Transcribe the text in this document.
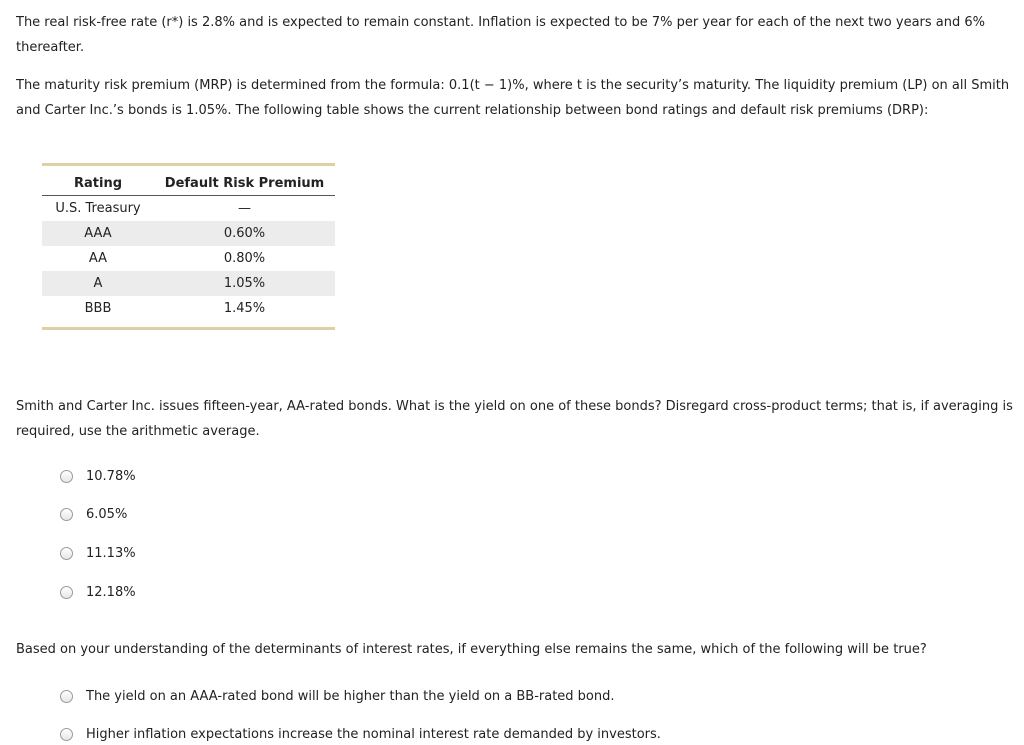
The real risk-free rate (r*) is 2.8% and is expected to remain constant. Inflation is expected to be 7% per year for each of the next two years and 6% thereafter.

The maturity risk premium (MRP) is determined from the formula: 0.1(t − 1)%, where t is the security’s maturity. The liquidity premium (LP) on all Smith and Carter Inc.’s bonds is 1.05%. The following table shows the current relationship between bond ratings and default risk premiums (DRP):

Rating	Default Risk Premium
U.S. Treasury	—
AAA	0.60%
AA	0.80%
A	1.05%
BBB	1.45%

Smith and Carter Inc. issues fifteen-year, AA-rated bonds. What is the yield on one of these bonds? Disregard cross-product terms; that is, if averaging is required, use the arithmetic average.

10.78%
6.05%
11.13%
12.18%

Based on your understanding of the determinants of interest rates, if everything else remains the same, which of the following will be true?

The yield on an AAA-rated bond will be higher than the yield on a BB-rated bond.
Higher inflation expectations increase the nominal interest rate demanded by investors.
